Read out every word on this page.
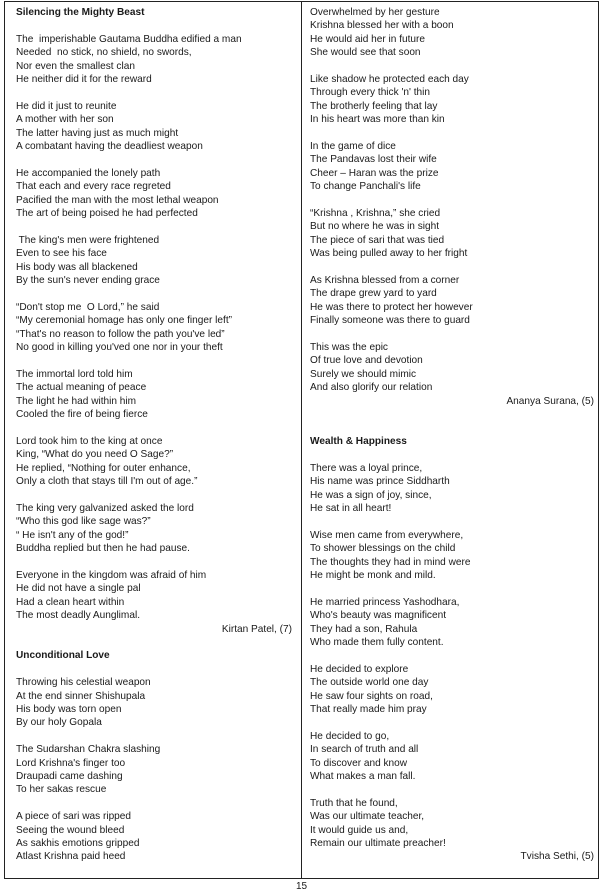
Silencing the Mighty Beast

The  imperishable Gautama Buddha edified a man

Needed  no stick, no shield, no swords,

Nor even the smallest clan

He neither did it for the reward

He did it just to reunite

A mother with her son

The latter having just as much might

A combatant having the deadliest weapon

He accompanied the lonely path

That each and every race regreted

Pacified the man with the most lethal weapon

The art of being poised he had perfected

The king's men were frightened

Even to see his face

His body was all blackened

By the sun's never ending grace

“Don't stop me  O Lord,” he said

“My ceremonial homage has only one finger left”

“That's no reason to follow the path you've led”

No good in killing you'ved one nor in your theft

The immortal lord told him

The actual meaning of peace

The light he had within him

Cooled the fire of being fierce

Lord took him to the king at once

King, “What do you need O Sage?”

He replied, “Nothing for outer enhance,

Only a cloth that stays till I'm out of age.”

The king very galvanized asked the lord

“Who this god like sage was?”

“ He isn't any of the god!”

Buddha replied but then he had pause.

Everyone in the kingdom was afraid of him

He did not have a single pal

Had a clean heart within

The most deadly Aunglimal.

Kirtan Patel, (7)

Unconditional Love

Throwing his celestial weapon

At the end sinner Shishupala

His body was torn open

By our holy Gopala

The Sudarshan Chakra slashing

Lord Krishna's finger too

Draupadi came dashing

To her sakas rescue

A piece of sari was ripped

Seeing the wound bleed

As sakhis emotions gripped

Atlast Krishna paid heed

Overwhelmed by her gesture

Krishna blessed her with a boon

He would aid her in future

She would see that soon

Like shadow he protected each day

Through every thick 'n' thin

The brotherly feeling that lay

In his heart was more than kin

In the game of dice

The Pandavas lost their wife

Cheer – Haran was the prize

To change Panchali's life

“Krishna , Krishna,” she cried

But no where he was in sight

The piece of sari that was tied

Was being pulled away to her fright

As Krishna blessed from a corner

The drape grew yard to yard

He was there to protect her however

Finally someone was there to guard

This was the epic

Of true love and devotion

Surely we should mimic

And also glorify our relation

Ananya Surana, (5)

Wealth & Happiness

There was a loyal prince,

His name was prince Siddharth

He was a sign of joy, since,

He sat in all heart!

Wise men came from everywhere,

To shower blessings on the child

The thoughts they had in mind were

He might be monk and mild.

He married princess Yashodhara,

Who's beauty was magnificent

They had a son, Rahula

Who made them fully content.

He decided to explore

The outside world one day

He saw four sights on road,

That really made him pray

He decided to go,

In search of truth and all

To discover and know

What makes a man fall.

Truth that he found,

Was our ultimate teacher,

It would guide us and,

Remain our ultimate preacher!

Tvisha Sethi, (5)

15
